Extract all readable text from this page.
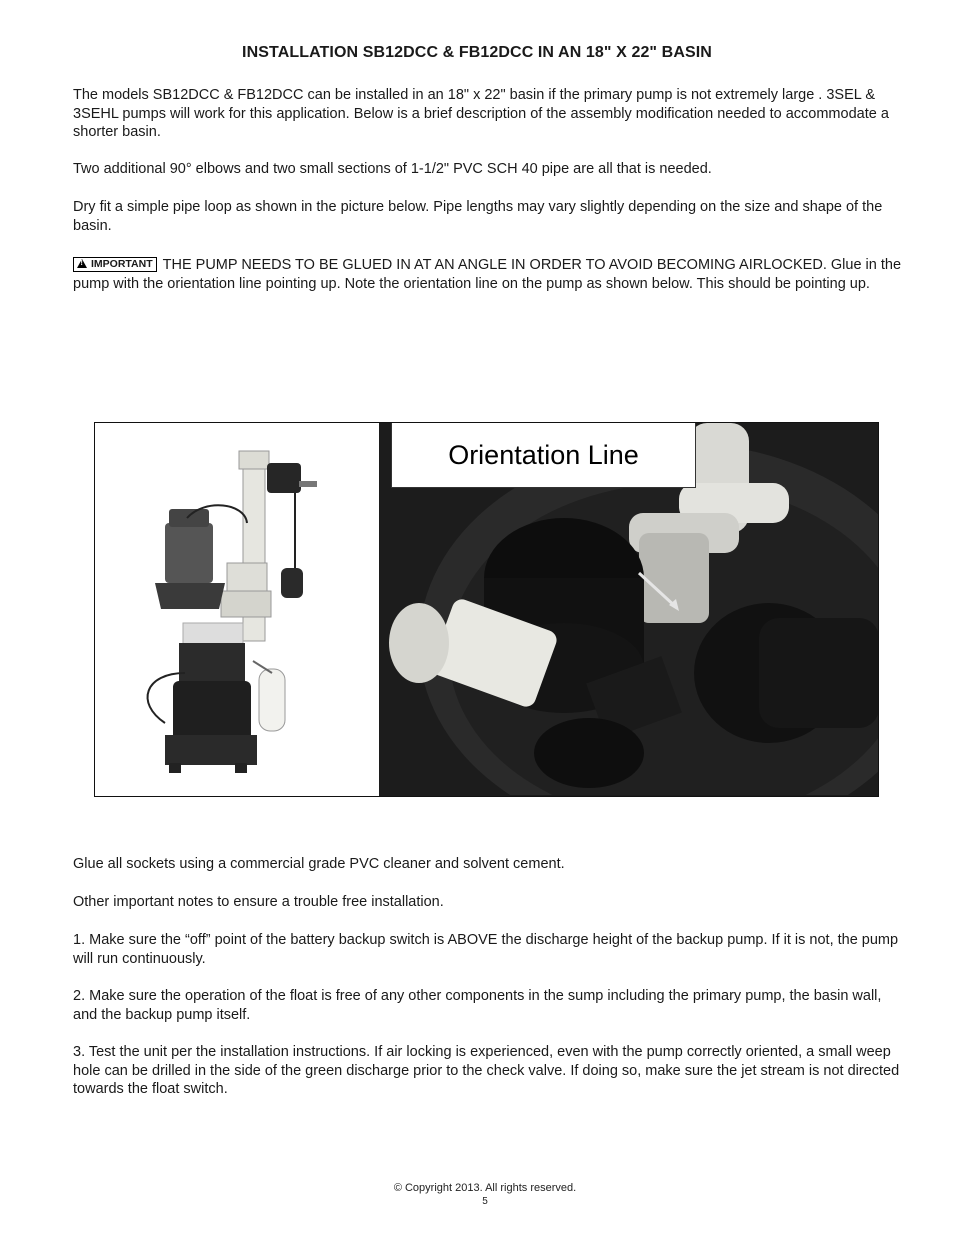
INSTALLATION SB12DCC & FB12DCC IN AN 18" X 22" BASIN

The models SB12DCC & FB12DCC can be installed in an 18" x 22" basin if the primary pump is not extremely large . 3SEL & 3SEHL pumps will work for this application. Below is a brief description of the assembly modification needed to accommodate a shorter basin.

Two additional 90° elbows and two small sections of 1-1/2" PVC SCH 40 pipe are all that is needed.

Dry fit a simple pipe loop as shown in the picture below. Pipe lengths may vary slightly depending on the size and shape of the basin.

!IMPORTANT THE PUMP NEEDS TO BE GLUED IN AT AN ANGLE IN ORDER TO AVOID BECOMING AIRLOCKED. Glue in the pump with the orientation line pointing up. Note the orientation line on the pump as shown below. This should be pointing up.

Orientation Line

Glue all sockets using a commercial grade PVC cleaner and solvent cement.

Other important notes to ensure a trouble free installation.

1. Make sure the “off” point of the battery backup switch is ABOVE the discharge height of the backup pump. If it is not, the pump will run continuously.

2. Make sure the operation of the float is free of any other components in the sump including the primary pump, the basin wall, and the backup pump itself.

3. Test the unit per the installation instructions. If air locking is experienced, even with the pump correctly oriented, a small weep hole can be drilled in the side of the green discharge prior to the check valve. If doing so, make sure the jet stream is not directed towards the float switch.

© Copyright 2013. All rights reserved.
5
